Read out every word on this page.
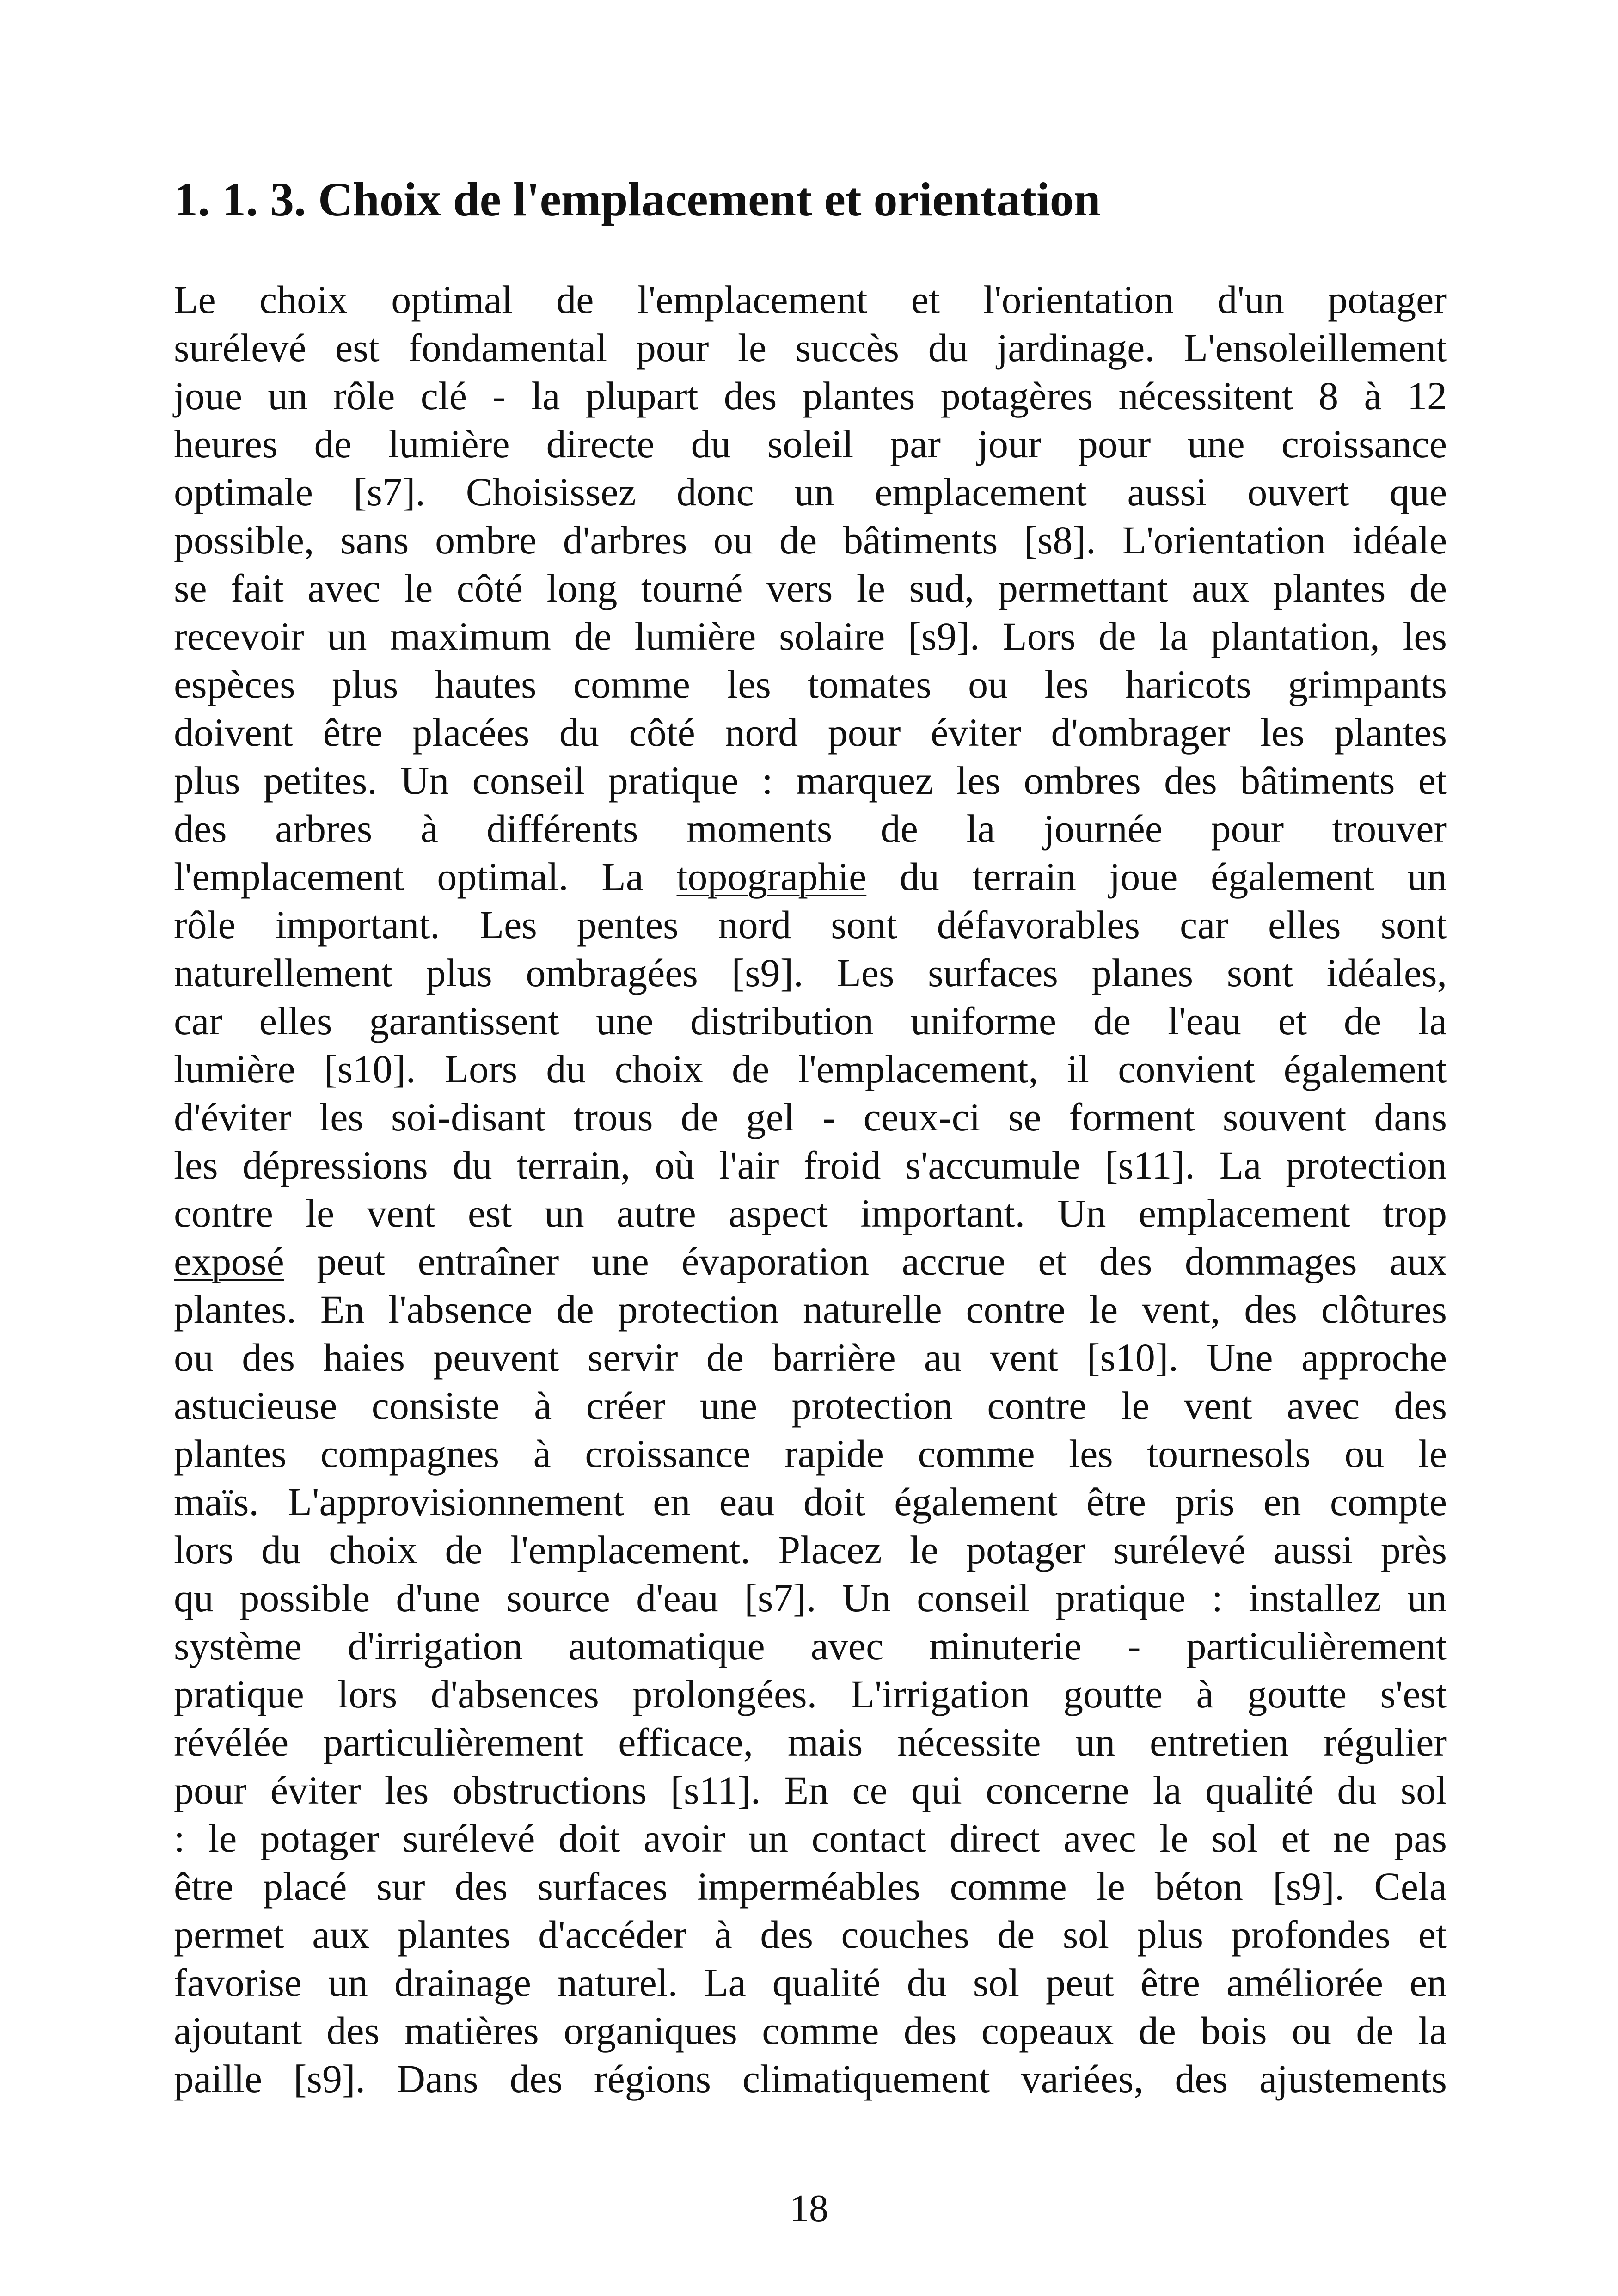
1. 1. 3. Choix de l'emplacement et orientation
Le choix optimal de l'emplacement et l'orientation d'un potager
surélevé est fondamental pour le succès du jardinage. L'ensoleillement
joue un rôle clé - la plupart des plantes potagères nécessitent 8 à 12
heures de lumière directe du soleil par jour pour une croissance
optimale [s7]. Choisissez donc un emplacement aussi ouvert que
possible, sans ombre d'arbres ou de bâtiments [s8]. L'orientation idéale
se fait avec le côté long tourné vers le sud, permettant aux plantes de
recevoir un maximum de lumière solaire [s9]. Lors de la plantation, les
espèces plus hautes comme les tomates ou les haricots grimpants
doivent être placées du côté nord pour éviter d'ombrager les plantes
plus petites. Un conseil pratique : marquez les ombres des bâtiments et
des arbres à différents moments de la journée pour trouver
l'emplacement optimal. La topographie du terrain joue également un
rôle important. Les pentes nord sont défavorables car elles sont
naturellement plus ombragées [s9]. Les surfaces planes sont idéales,
car elles garantissent une distribution uniforme de l'eau et de la
lumière [s10]. Lors du choix de l'emplacement, il convient également
d'éviter les soi-disant trous de gel - ceux-ci se forment souvent dans
les dépressions du terrain, où l'air froid s'accumule [s11]. La protection
contre le vent est un autre aspect important. Un emplacement trop
exposé peut entraîner une évaporation accrue et des dommages aux
plantes. En l'absence de protection naturelle contre le vent, des clôtures
ou des haies peuvent servir de barrière au vent [s10]. Une approche
astucieuse consiste à créer une protection contre le vent avec des
plantes compagnes à croissance rapide comme les tournesols ou le
maïs. L'approvisionnement en eau doit également être pris en compte
lors du choix de l'emplacement. Placez le potager surélevé aussi près
qu possible d'une source d'eau [s7]. Un conseil pratique : installez un
système d'irrigation automatique avec minuterie - particulièrement
pratique lors d'absences prolongées. L'irrigation goutte à goutte s'est
révélée particulièrement efficace, mais nécessite un entretien régulier
pour éviter les obstructions [s11]. En ce qui concerne la qualité du sol
: le potager surélevé doit avoir un contact direct avec le sol et ne pas
être placé sur des surfaces imperméables comme le béton [s9]. Cela
permet aux plantes d'accéder à des couches de sol plus profondes et
favorise un drainage naturel. La qualité du sol peut être améliorée en
ajoutant des matières organiques comme des copeaux de bois ou de la
paille [s9]. Dans des régions climatiquement variées, des ajustements
18
